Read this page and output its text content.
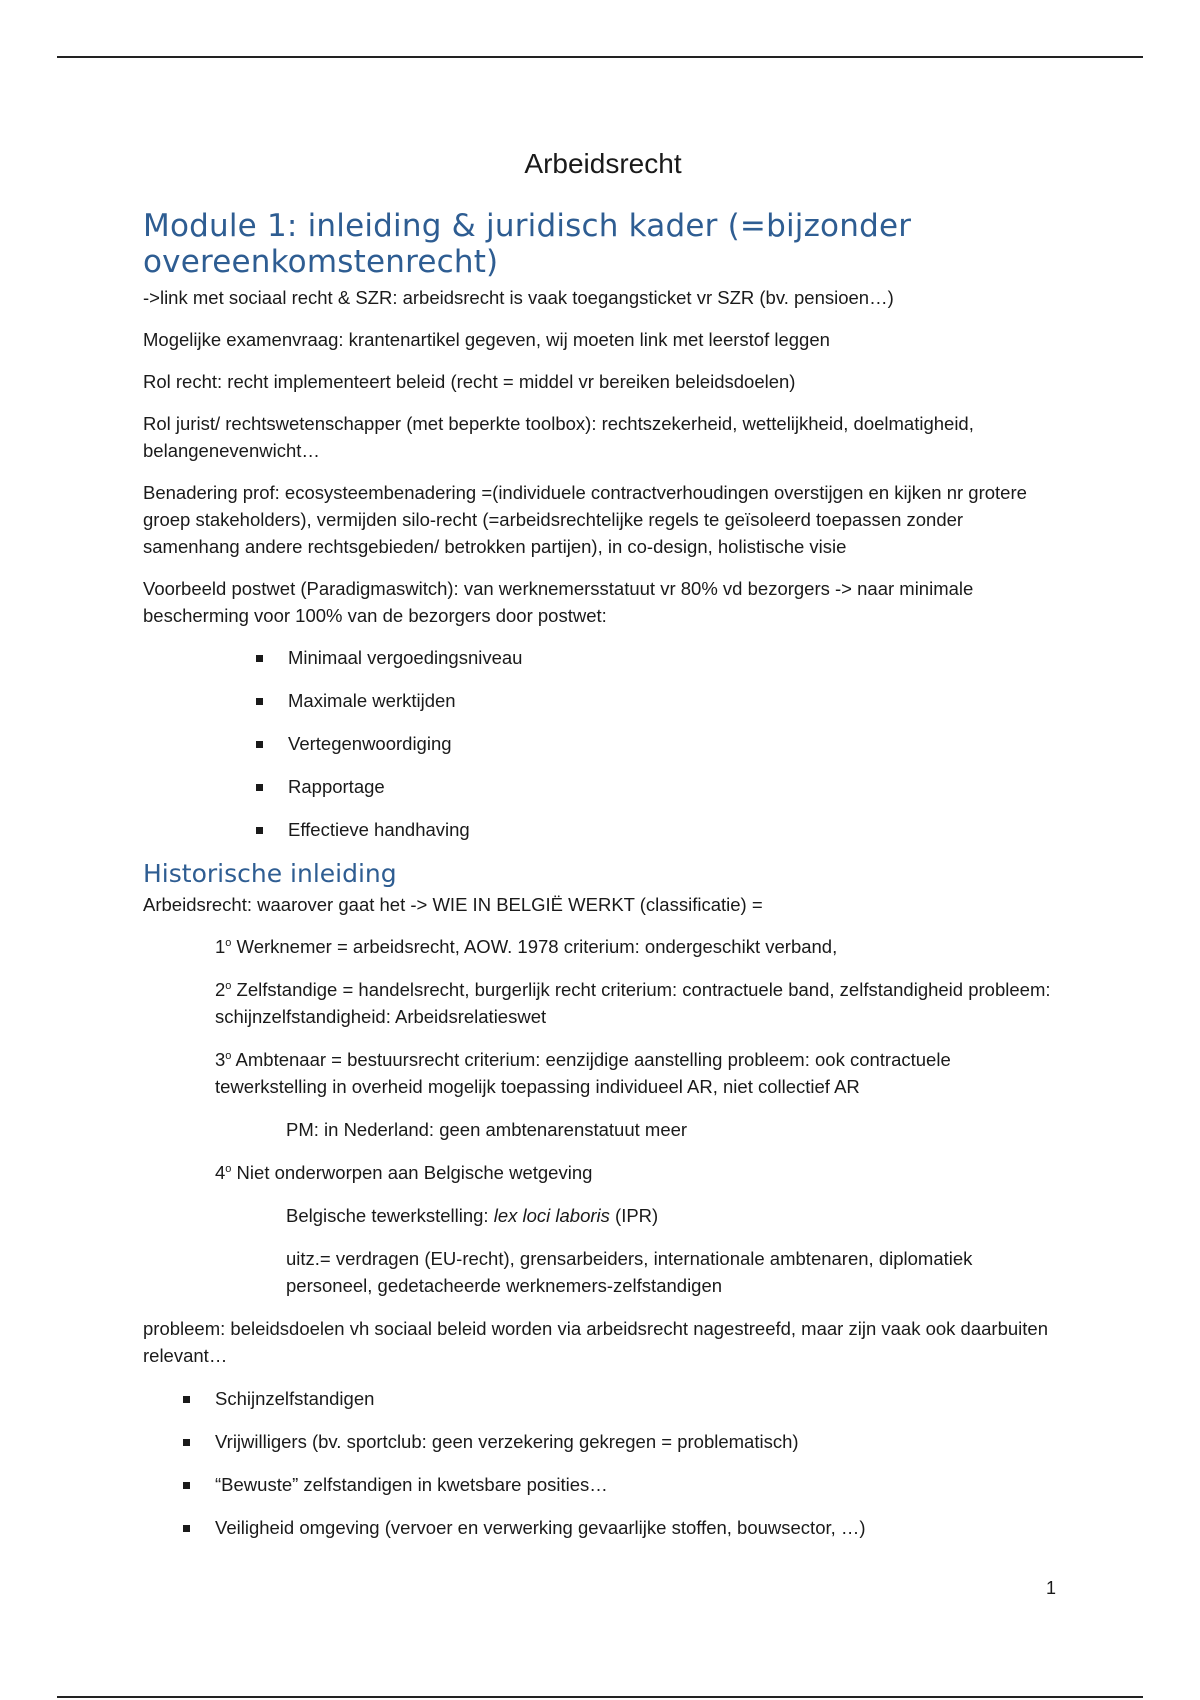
Arbeidsrecht
Module 1: inleiding & juridisch kader (=bijzonder overeenkomstenrecht)

->link met sociaal recht & SZR: arbeidsrecht is vaak toegangsticket vr SZR (bv. pensioen…)

Mogelijke examenvraag: krantenartikel gegeven, wij moeten link met leerstof leggen

Rol recht: recht implementeert beleid (recht = middel vr bereiken beleidsdoelen)

Rol jurist/ rechtswetenschapper (met beperkte toolbox): rechtszekerheid, wettelijkheid, doelmatigheid, belangenevenwicht…

Benadering prof: ecosysteembenadering =(individuele contractverhoudingen overstijgen en kijken nr grotere groep stakeholders), vermijden silo-recht (=arbeidsrechtelijke regels te geïsoleerd toepassen zonder samenhang andere rechtsgebieden/ betrokken partijen), in co-design, holistische visie

Voorbeeld postwet (Paradigmaswitch): van werknemersstatuut vr 80% vd bezorgers -> naar minimale bescherming voor 100% van de bezorgers door postwet:

Minimaal vergoedingsniveau
Maximale werktijden
Vertegenwoordiging
Rapportage
Effectieve handhaving
Historische inleiding

Arbeidsrecht: waarover gaat het -> WIE IN BELGIË WERKT (classificatie) =

1$^o$ Werknemer = arbeidsrecht, AOW. 1978 criterium: ondergeschikt verband,

2$^o$ Zelfstandige = handelsrecht, burgerlijk recht criterium: contractuele band, zelfstandigheid probleem: schijnzelfstandigheid: Arbeidsrelatieswet

3$^o$ Ambtenaar = bestuursrecht criterium: eenzijdige aanstelling probleem: ook contractuele tewerkstelling in overheid mogelijk toepassing individueel AR, niet collectief AR

PM: in Nederland: geen ambtenarenstatuut meer

4$^o$ Niet onderworpen aan Belgische wetgeving

Belgische tewerkstelling: lex loci laboris (IPR)

uitz.= verdragen (EU-recht), grensarbeiders, internationale ambtenaren, diplomatiek personeel, gedetacheerde werknemers-zelfstandigen

probleem: beleidsdoelen vh sociaal beleid worden via arbeidsrecht nagestreefd, maar zijn vaak ook daarbuiten relevant…

Schijnzelfstandigen
Vrijwilligers (bv. sportclub: geen verzekering gekregen = problematisch)
“Bewuste” zelfstandigen in kwetsbare posities…
Veiligheid omgeving (vervoer en verwerking gevaarlijke stoffen, bouwsector, …)
1
